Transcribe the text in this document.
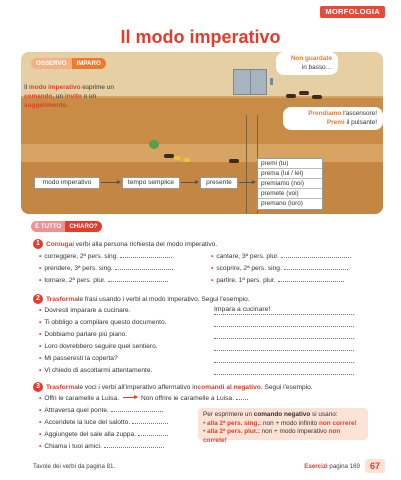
MORFOLOGIA
Il modo imperativo
OSSERVO	IMPARO
Il modo imperativo esprime un comando, un invito o un suggerimento.
Non guardate
in basso…
Prendiamo l'ascensore!
Premi il pulsante!
modo imperativo	tempo semplice	presente
premi (tu)
prema (lui / lei)
premiamo (noi)
premete (voi)
premano (loro)
È TUTTO	CHIARO?
1 Coniuga i verbi alla persona richiesta del modo imperativo.
• correggere, 2ª pers. sing.
• prendere, 3ª pers. sing.
• tornare, 2ª pers. plur.
• cantare, 3ª pers. plur.
• scoprire, 2ª pers. sing.
• partire, 1ª pers. plur.
2 Trasforma le frasi usando i verbi al modo imperativo. Segui l'esempio.
• Dovresti imparare a cucinare.
• Ti obbligo a compilare questo documento.
• Dobbiamo parlare più piano.
• Loro dovrebbero seguire quel sentiero.
• Mi passeresti la coperta?
• Vi chiedo di ascoltarmi attentamente.
Impara a cucinare!
3 Trasforma le voci i verbi all'imperativo affermativo in comandi al negativo . Segui l'esempio.
• Offri le caramelle a Luisa.	Non offrire le caramelle a Luisa.
• Attraversa quel ponte.
• Accendete la luce del salotto.
• Aggiungete del sale alla zuppa.
• Chiama i tuoi amici.
Per esprimere un comando negativo si usano:
• alla 2ª pers. sing.: non + modo infinito non correre!
• alla 2ª pers. plur.: non + modo imperativo non correte!
Tavole dei verbi da pagina 81.	Esercizi pagina 169	67
